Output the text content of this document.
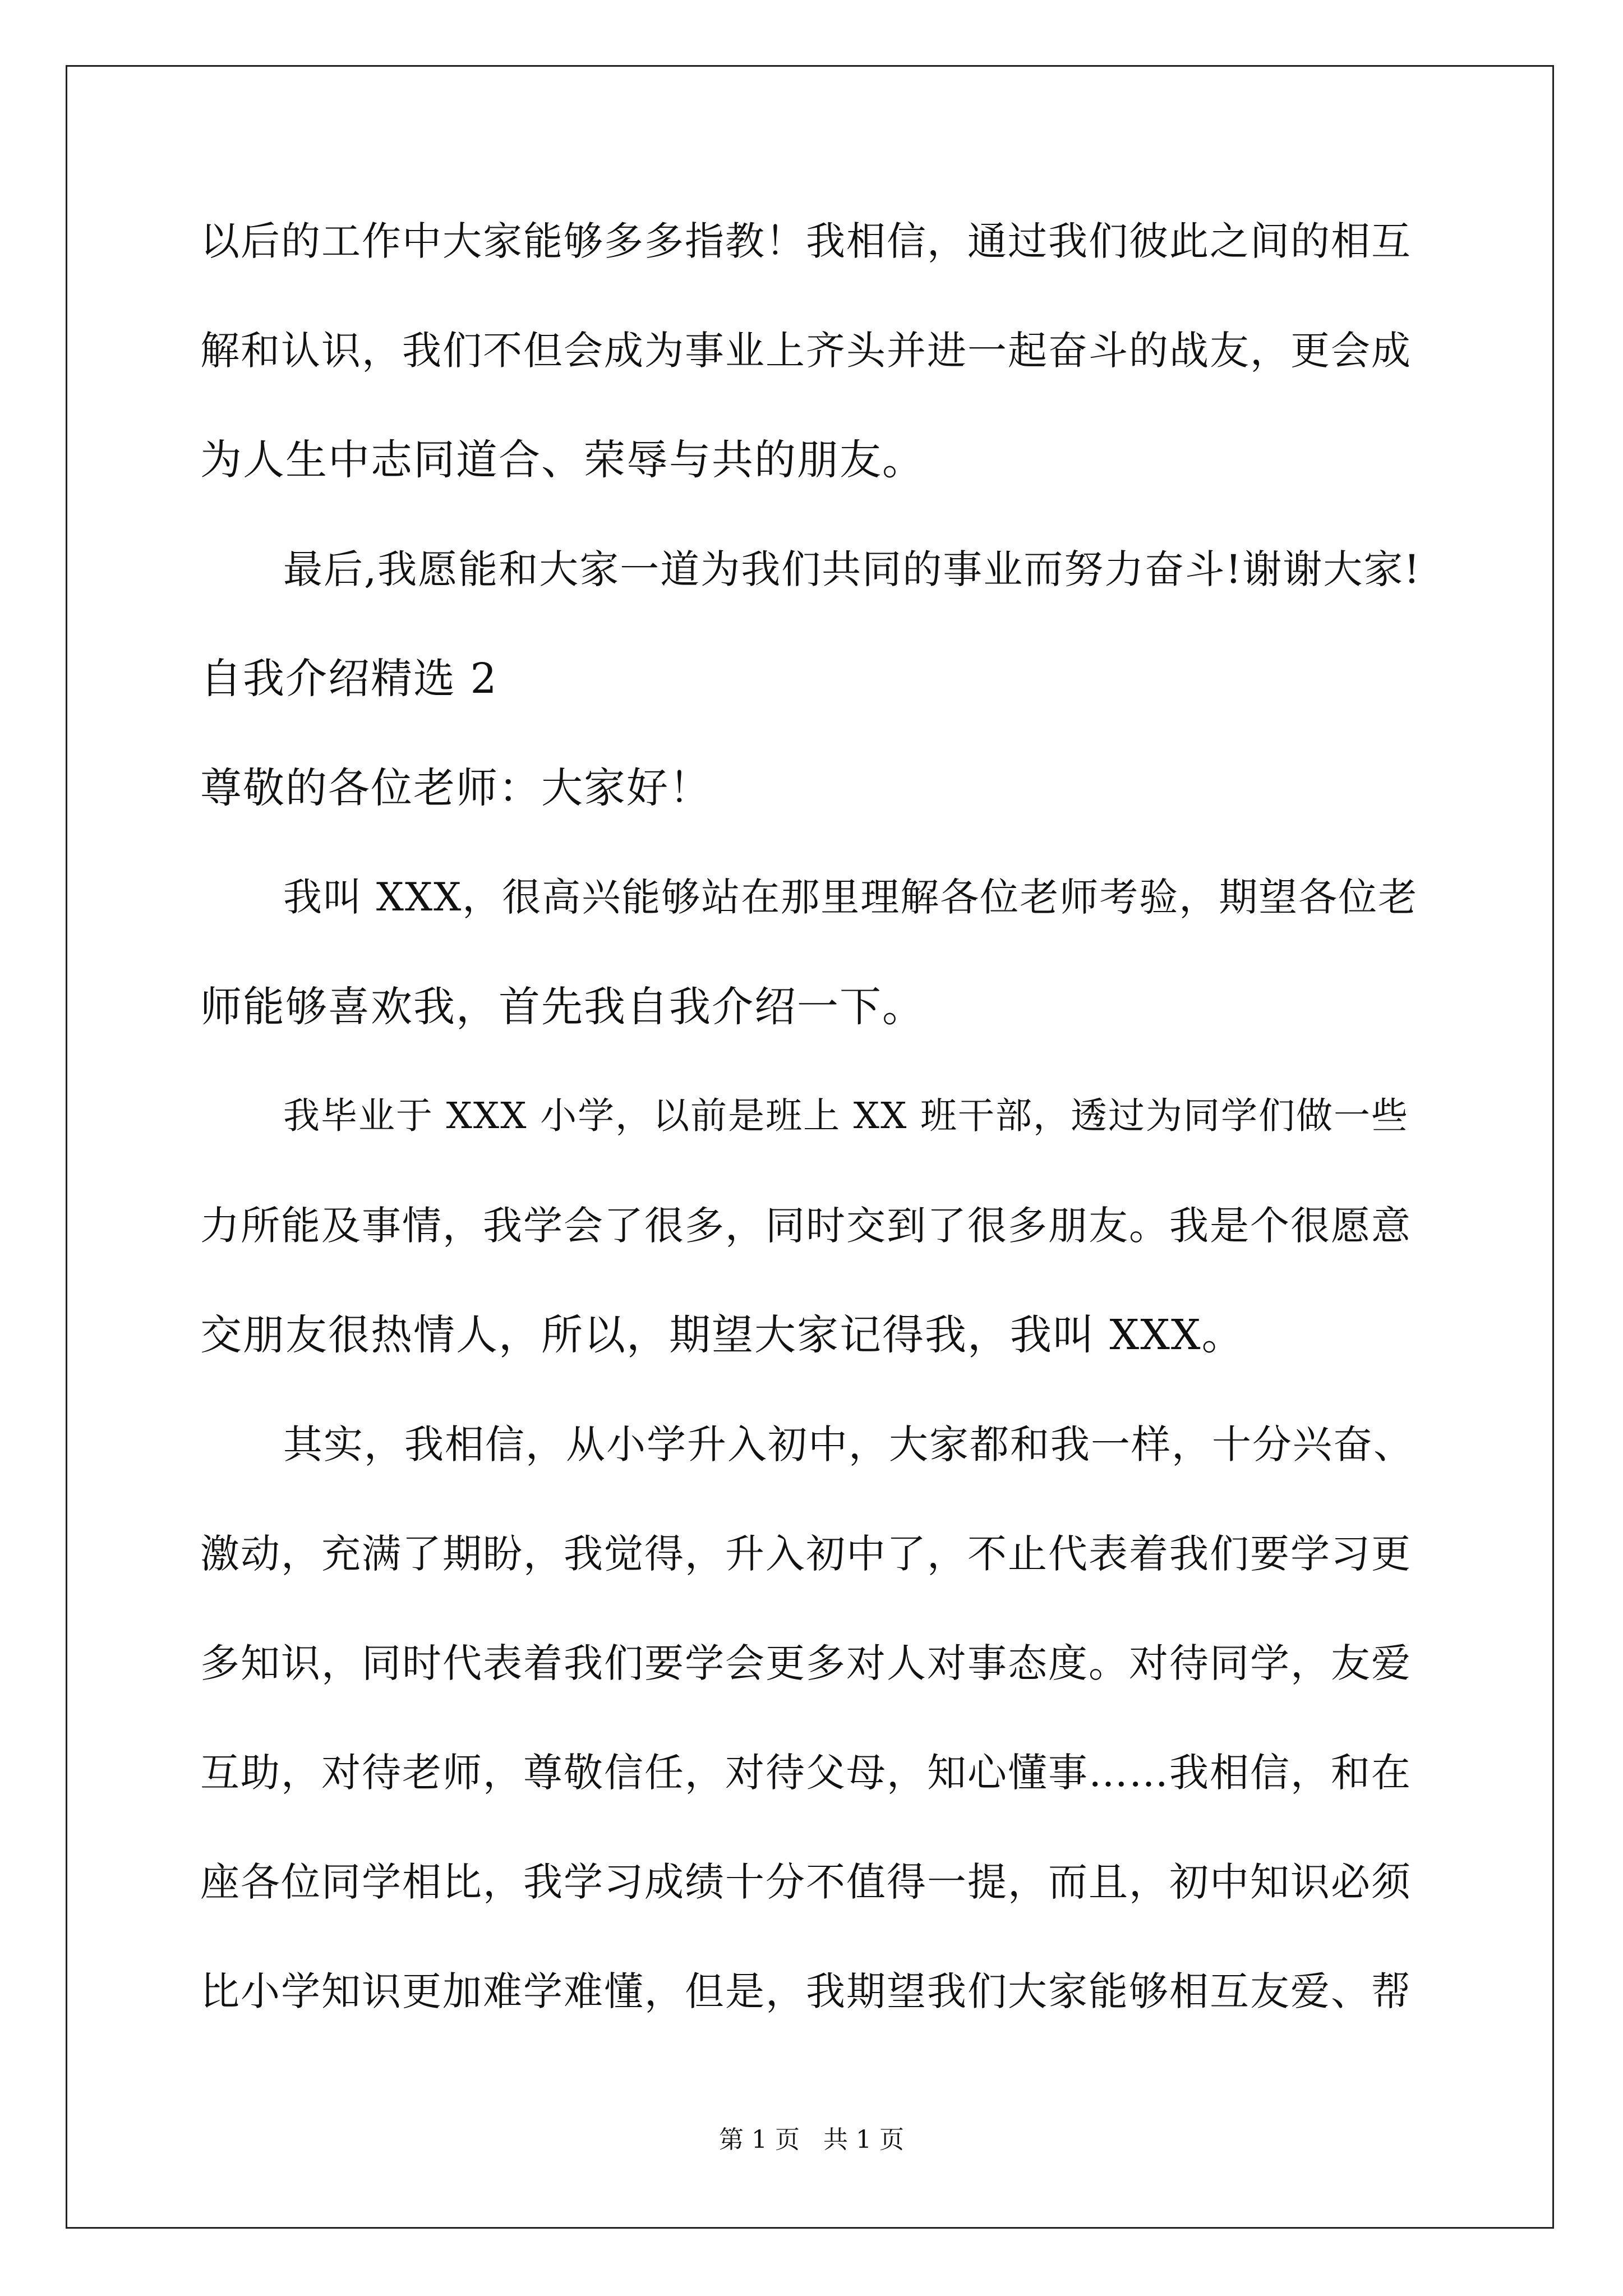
以后的工作中大家能够多多指教！我相信，通过我们彼此之间的相互
解和认识，我们不但会成为事业上齐头并进一起奋斗的战友，更会成
为人生中志同道合、荣辱与共的朋友。
最后,我愿能和大家一道为我们共同的事业而努力奋斗!谢谢大家!
自我介绍精选 2
尊敬的各位老师：大家好！
我叫 XXX，很高兴能够站在那里理解各位老师考验，期望各位老
师能够喜欢我，首先我自我介绍一下。
我毕业于 XXX 小学，以前是班上 XX 班干部，透过为同学们做一些
力所能及事情，我学会了很多，同时交到了很多朋友。我是个很愿意
交朋友很热情人，所以，期望大家记得我，我叫 XXX。
其实，我相信，从小学升入初中，大家都和我一样，十分兴奋、
激动，充满了期盼，我觉得，升入初中了，不止代表着我们要学习更
多知识，同时代表着我们要学会更多对人对事态度。对待同学，友爱
互助，对待老师，尊敬信任，对待父母，知心懂事……我相信，和在
座各位同学相比，我学习成绩十分不值得一提，而且，初中知识必须
比小学知识更加难学难懂，但是，我期望我们大家能够相互友爱、帮
第 1 页   共 1 页
